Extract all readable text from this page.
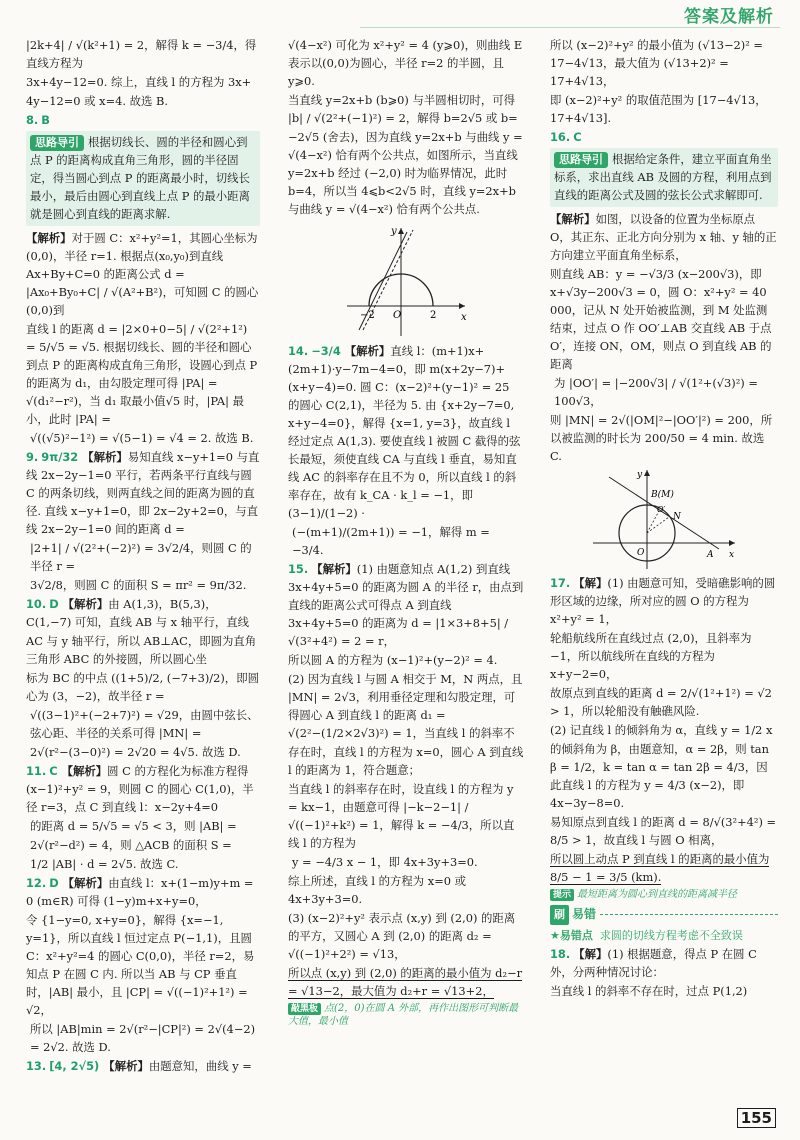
答案及解析

|2k+4| / √(k²+1) = 2，解得 k = −3/4，得直线方程为

3x+4y−12=0. 综上，直线 l 的方程为 3x+

4y−12=0 或 x=4. 故选 B.

8. B

思路导引 根据切线长、圆的半径和圆心到点 P 的距离构成直角三角形，圆的半径固定，得当圆心到点 P 的距离最小时，切线长最小，最后由圆心到直线上点 P 的最小距离就是圆心到直线的距离求解.

【解析】对于圆 C：x²+y²=1，其圆心坐标为(0,0)，半径 r=1. 根据点(x₀,y₀)到直线 Ax+By+C=0 的距离公式 d = |Ax₀+By₀+C| / √(A²+B²)，可知圆 C 的圆心(0,0)到

直线 l 的距离 d = |2×0+0−5| / √(2²+1²) = 5/√5 = √5. 根据切线长、圆的半径和圆心到点 P 的距离构成直角三角形，设圆心到点 P 的距离为 d₁，由勾股定理可得 |PA| = √(d₁²−r²)，当 d₁ 取最小值√5 时，|PA| 最小，此时 |PA| =

√((√5)²−1²) = √(5−1) = √4 = 2. 故选 B.

9. 9π/32 【解析】易知直线 x−y+1=0 与直线 2x−2y−1=0 平行，若两条平行直线与圆 C 的两条切线，则两直线之间的距离为圆的直径. 直线 x−y+1=0，即 2x−2y+2=0，与直线 2x−2y−1=0 间的距离 d =

|2+1| / √(2²+(−2)²) = 3√2/4，则圆 C 的半径 r =

3√2/8，则圆 C 的面积 S = πr² = 9π/32.

10. D 【解析】由 A(1,3)，B(5,3)，C(1,−7) 可知，直线 AB 与 x 轴平行，直线 AC 与 y 轴平行，所以 AB⊥AC，即圆为直角三角形 ABC 的外接圆，所以圆心坐

标为 BC 的中点 ((1+5)/2, (−7+3)/2)，即圆心为 (3，−2)，故半径 r =

√((3−1)²+(−2+7)²) = √29，由圆中弦长、弦心距、半径的关系可得 |MN| =

2√(r²−(3−0)²) = 2√20 = 4√5. 故选 D.

11. C 【解析】圆 C 的方程化为标准方程得 (x−1)²+y² = 9，则圆 C 的圆心 C(1,0)，半径 r=3，点 C 到直线 l：x−2y+4=0

的距离 d = 5/√5 = √5 < 3，则 |AB| =

2√(r²−d²) = 4，则 △ACB 的面积 S =

1/2 |AB| · d = 2√5. 故选 C.

12. D 【解析】由直线 l：x+(1−m)y+m = 0 (m∈R) 可得 (1−y)m+x+y=0，

令 {1−y=0, x+y=0}，解得 {x=−1, y=1}，所以直线 l 恒过定点 P(−1,1)，且圆 C：x²+y²=4 的圆心 C(0,0)，半径 r=2，易知点 P 在圆 C 内. 所以当 AB 与 CP 垂直时，|AB| 最小，且 |CP| = √((−1)²+1²) = √2，

所以 |AB|min = 2√(r²−|CP|²) = 2√(4−2) = 2√2. 故选 D.

13. [4, 2√5) 【解析】由题意知，曲线 y =

√(4−x²) 可化为 x²+y² = 4 (y⩾0)，则曲线 E 表示以(0,0)为圆心，半径 r=2 的半圆，且 y⩾0.

当直线 y=2x+b (b⩾0) 与半圆相切时，可得 |b| / √(2²+(−1)²) = 2，解得 b=2√5 或 b=

−2√5 (舍去)，因为直线 y=2x+b 与曲线 y = √(4−x²) 恰有两个公共点，如图所示，当直线 y=2x+b 经过 (−2,0) 时为临界情况，此时 b=4，所以当 4⩽b<2√5 时，直线 y=2x+b 与曲线 y = √(4−x²) 恰有两个公共点.

x
y
O
−2	2

14. −3/4 【解析】直线 l：(m+1)x+(2m+1)·y−7m−4=0，即 m(x+2y−7)+(x+y−4)=0. 圆 C：(x−2)²+(y−1)² = 25 的圆心 C(2,1)，半径为 5. 由 {x+2y−7=0, x+y−4=0}，解得 {x=1, y=3}，故直线 l 经过定点 A(1,3). 要使直线 l 被圆 C 截得的弦长最短，须使直线 CA 与直线 l 垂直，易知直线 AC 的斜率存在且不为 0，所以直线 l 的斜率存在，故有 k_CA · k_l = −1，即 (3−1)/(1−2) ·

(−(m+1)/(2m+1)) = −1，解得 m = −3/4.

15. 【解析】(1) 由题意知点 A(1,2) 到直线 3x+4y+5=0 的距离为圆 A 的半径 r，由点到直线的距离公式可得点 A 到直线 3x+4y+5=0 的距离为 d = |1×3+8+5| / √(3²+4²) = 2 = r，

所以圆 A 的方程为 (x−1)²+(y−2)² = 4.

(2) 因为直线 l 与圆 A 相交于 M，N 两点，且 |MN| = 2√3，利用垂径定理和勾股定理，可得圆心 A 到直线 l 的距离 d₁ = √(2²−(1/2×2√3)²) = 1，当直线 l 的斜率不存在时，直线 l 的方程为 x=0，圆心 A 到直线 l 的距离为 1，符合题意；

当直线 l 的斜率存在时，设直线 l 的方程为 y = kx−1，由题意可得 |−k−2−1| / √((−1)²+k²) = 1，解得 k = −4/3，所以直线 l 的方程为

y = −4/3 x − 1，即 4x+3y+3=0.

综上所述，直线 l 的方程为 x=0 或 4x+3y+3=0.

(3) (x−2)²+y² 表示点 (x,y) 到 (2,0) 的距离的平方，又圆心 A 到 (2,0) 的距离 d₂ = √((−1)²+2²) = √13，

所以点 (x,y) 到 (2,0) 的距离的最小值为 d₂−r = √13−2，最大值为 d₂+r = √13+2，

敲黑板 点(2，0)在圆 A 外部，再作出图形可判断最大值，最小值

所以 (x−2)²+y² 的最小值为 (√13−2)² = 17−4√13，最大值为 (√13+2)² = 17+4√13，

即 (x−2)²+y² 的取值范围为 [17−4√13，17+4√13].

16. C

思路导引 根据给定条件，建立平面直角坐标系，求出直线 AB 及圆的方程，利用点到直线的距离公式及圆的弦长公式求解即可.

【解析】如图，以设备的位置为坐标原点 O，其正东、正北方向分别为 x 轴、y 轴的正方向建立平面直角坐标系，

则直线 AB：y = −√3/3 (x−200√3)，即 x+√3y−200√3 = 0，圆 O：x²+y² = 40 000，记从 N 处开始被监测，到 M 处监测结束，过点 O 作 OO′⊥AB 交直线 AB 于点 O′，连接 ON，OM，则点 O 到直线 AB 的距离

为 |OO′| = |−200√3| / √(1²+(√3)²) = 100√3，

则 |MN| = 2√(|OM|²−|OO′|²) = 200，所以被监测的时长为 200/50 = 4 min. 故选 C.

B(M)
N
O′
A
O	x
y

17. 【解】(1) 由题意可知，受暗礁影响的圆形区域的边缘，所对应的圆 O 的方程为 x²+y² = 1，

轮船航线所在直线过点 (2,0)，且斜率为 −1，所以航线所在直线的方程为 x+y−2=0，

故原点到直线的距离 d = 2/√(1²+1²) = √2 > 1，所以轮船没有触礁风险.

(2) 记直线 l 的倾斜角为 α，直线 y = 1/2 x 的倾斜角为 β，由题意知，α = 2β，则 tan β = 1/2，k = tan α = tan 2β = 4/3，因此直线 l 的方程为 y = 4/3 (x−2)，即 4x−3y−8=0.

易知原点到直线 l 的距离 d = 8/√(3²+4²) = 8/5 > 1，故直线 l 与圆 O 相离，

所以圆上动点 P 到直线 l 的距离的最小值为 8/5 − 1 = 3/5 (km).

提示 最短距离为圆心到直线的距离减半径
刷 易错

★易错点 求圆的切线方程考虑不全致误

18. 【解】(1) 根据题意，得点 P 在圆 C 外，分两种情况讨论：

当直线 l 的斜率不存在时，过点 P(1,2)

155
